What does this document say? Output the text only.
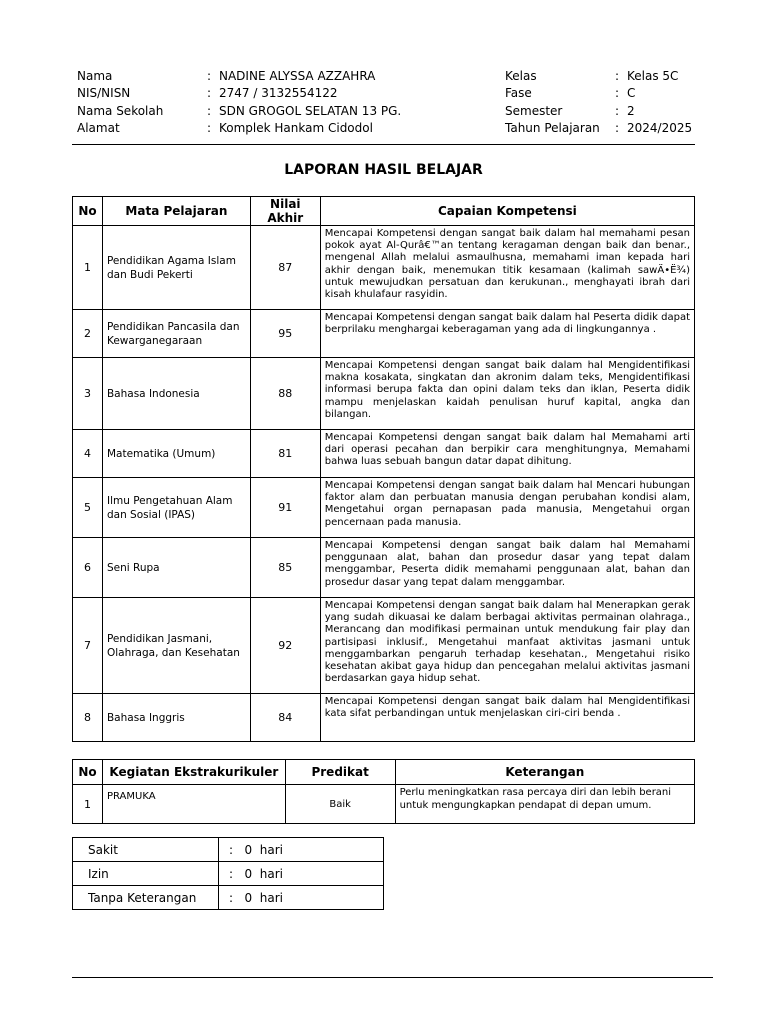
Nama	: NADINE ALYSSA AZZAHRA
NIS/NISN	: 2747 / 3132554122
Nama Sekolah	: SDN GROGOL SELATAN 13 PG.
Alamat	: Komplek Hankam Cidodol
Kelas	: Kelas 5C
Fase	: C
Semester	: 2
Tahun Pelajaran	: 2024/2025
LAPORAN HASIL BELAJAR
No	Mata Pelajaran	Nilai Akhir	Capaian Kompetensi
1	Pendidikan Agama Islam dan Budi Pekerti	87	Mencapai Kompetensi dengan sangat baik dalam hal memahami pesan pokok ayat Al-Qurâ€™an tentang keragaman dengan baik dan benar., mengenal Allah melalui asmaulhusna, memahami iman kepada hari akhir dengan baik, menemukan titik kesamaan (kalimah sawÄ•Ë¾) untuk mewujudkan persatuan dan kerukunan., menghayati ibrah dari kisah khulafaur rasyidin.
2	Pendidikan Pancasila dan Kewarganegaraan	95	Mencapai Kompetensi dengan sangat baik dalam hal Peserta didik dapat berprilaku menghargai keberagaman yang ada di lingkungannya .
3	Bahasa Indonesia	88	Mencapai Kompetensi dengan sangat baik dalam hal Mengidentifikasi makna kosakata, singkatan dan akronim dalam teks, Mengidentifikasi informasi berupa fakta dan opini dalam teks dan iklan, Peserta didik mampu menjelaskan kaidah penulisan huruf kapital, angka dan bilangan.
4	Matematika (Umum)	81	Mencapai Kompetensi dengan sangat baik dalam hal Memahami arti dari operasi pecahan dan berpikir cara menghitungnya, Memahami bahwa luas sebuah bangun datar dapat dihitung.
5	Ilmu Pengetahuan Alam dan Sosial (IPAS)	91	Mencapai Kompetensi dengan sangat baik dalam hal Mencari hubungan faktor alam dan perbuatan manusia dengan perubahan kondisi alam, Mengetahui organ pernapasan pada manusia, Mengetahui organ pencernaan pada manusia.
6	Seni Rupa	85	Mencapai Kompetensi dengan sangat baik dalam hal Memahami penggunaan alat, bahan dan prosedur dasar yang tepat dalam menggambar, Peserta didik memahami penggunaan alat, bahan dan prosedur dasar yang tepat dalam menggambar.
7	Pendidikan Jasmani, Olahraga, dan Kesehatan	92	Mencapai Kompetensi dengan sangat baik dalam hal Menerapkan gerak yang sudah dikuasai ke dalam berbagai aktivitas permainan olahraga., Merancang dan modifikasi permainan untuk mendukung fair play dan partisipasi inklusif., Mengetahui manfaat aktivitas jasmani untuk menggambarkan pengaruh terhadap kesehatan., Mengetahui risiko kesehatan akibat gaya hidup dan pencegahan melalui aktivitas jasmani berdasarkan gaya hidup sehat.
8	Bahasa Inggris	84	Mencapai Kompetensi dengan sangat baik dalam hal Mengidentifikasi kata sifat perbandingan untuk menjelaskan ciri-ciri benda .
No	Kegiatan Ekstrakurikuler	Predikat	Keterangan
1	PRAMUKA	Baik	Perlu meningkatkan rasa percaya diri dan lebih berani untuk mengungkapkan pendapat di depan umum.
Sakit	:   0  hari
Izin	:   0  hari
Tanpa Keterangan	:   0  hari
